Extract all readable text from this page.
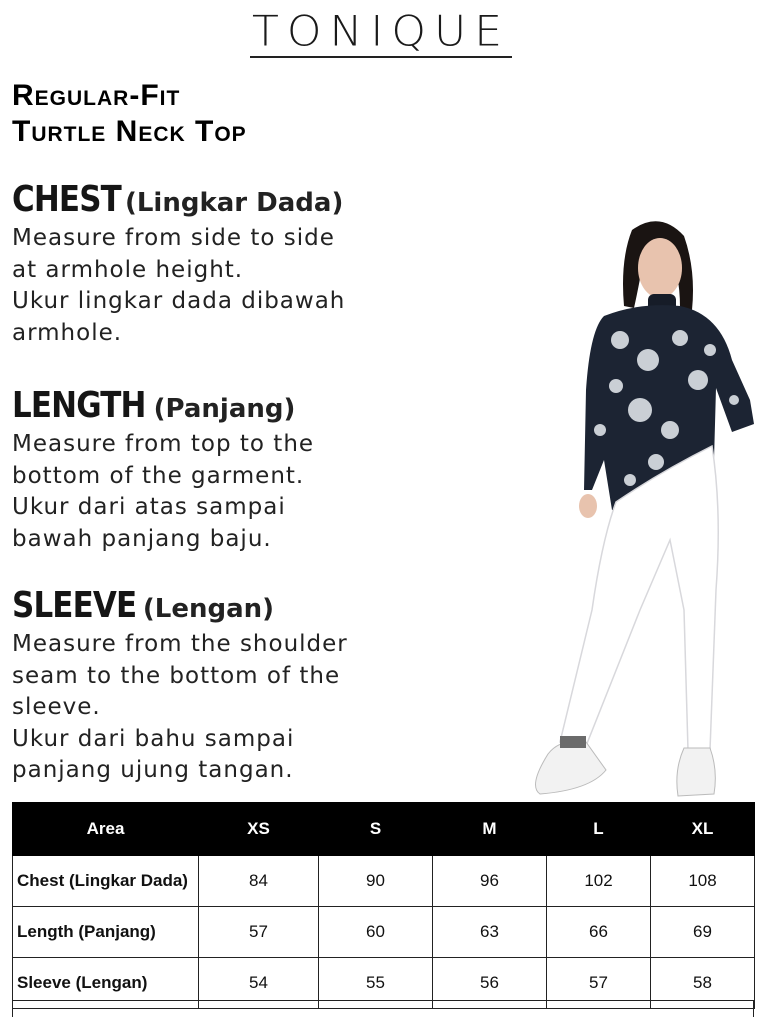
TONIQUE
Regular-Fit
Turtle Neck Top
CHEST (Lingkar Dada)

Measure from side to side

at armhole height.

Ukur lingkar dada dibawah

armhole.

LENGTH (Panjang)

Measure from top to the

bottom of the garment.

Ukur dari atas sampai

bawah panjang baju.

SLEEVE (Lengan)

Measure from the shoulder

seam to the bottom of the

sleeve.

Ukur dari bahu sampai

panjang ujung tangan.

Area	XS	S	M	L	XL
Chest (Lingkar Dada)	84	90	96	102	108
Length (Panjang)	57	60	63	66	69
Sleeve (Lengan)	54	55	56	57	58
